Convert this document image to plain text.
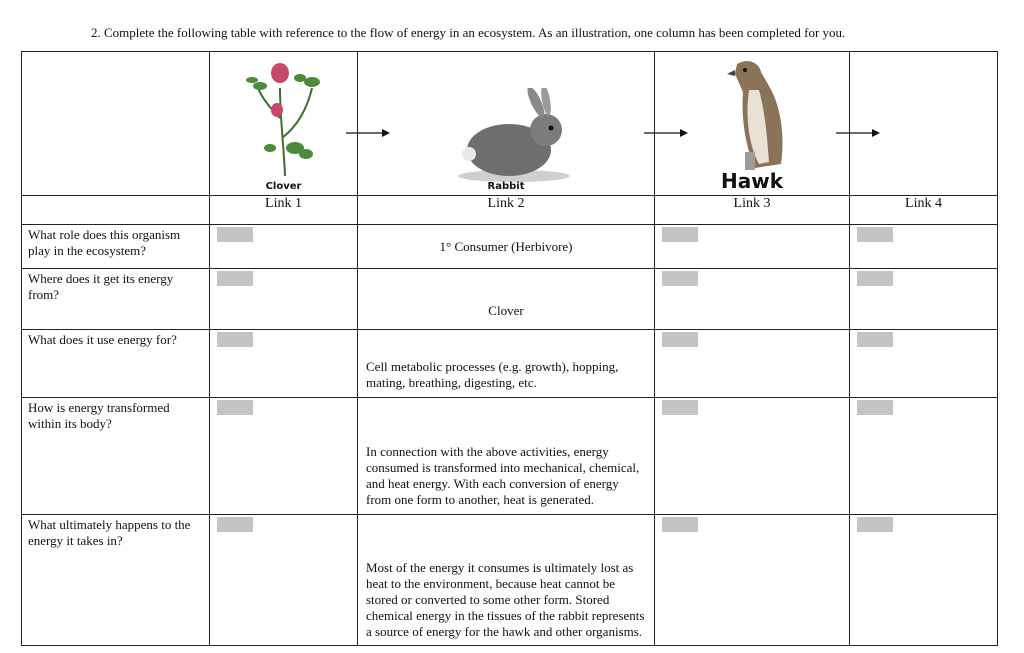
2. Complete the following table with reference to the flow of energy in an ecosystem. As an illustration, one column has been completed for you.

	Clover	Rabbit	Hawk	

	Link 1	Link 2	Link 3	Link 4
What role does this organism play in the ecosystem?		1° Consumer (Herbivore)	

Where does it get its energy from?		Clover	

What does it use energy for?		Cell metabolic processes (e.g. growth), hopping, mating, breathing, digesting, etc.	

How is energy transformed within its body?		In connection with the above activities, energy consumed is transformed into mechanical, chemical, and heat energy. With each conversion of energy from one form to another, heat is generated.	

What ultimately happens to the energy it takes in?		Most of the energy it consumes is ultimately lost as heat to the environment, because heat cannot be stored or converted to some other form. Stored chemical energy in the tissues of the rabbit represents a source of energy for the hawk and other organisms.	
